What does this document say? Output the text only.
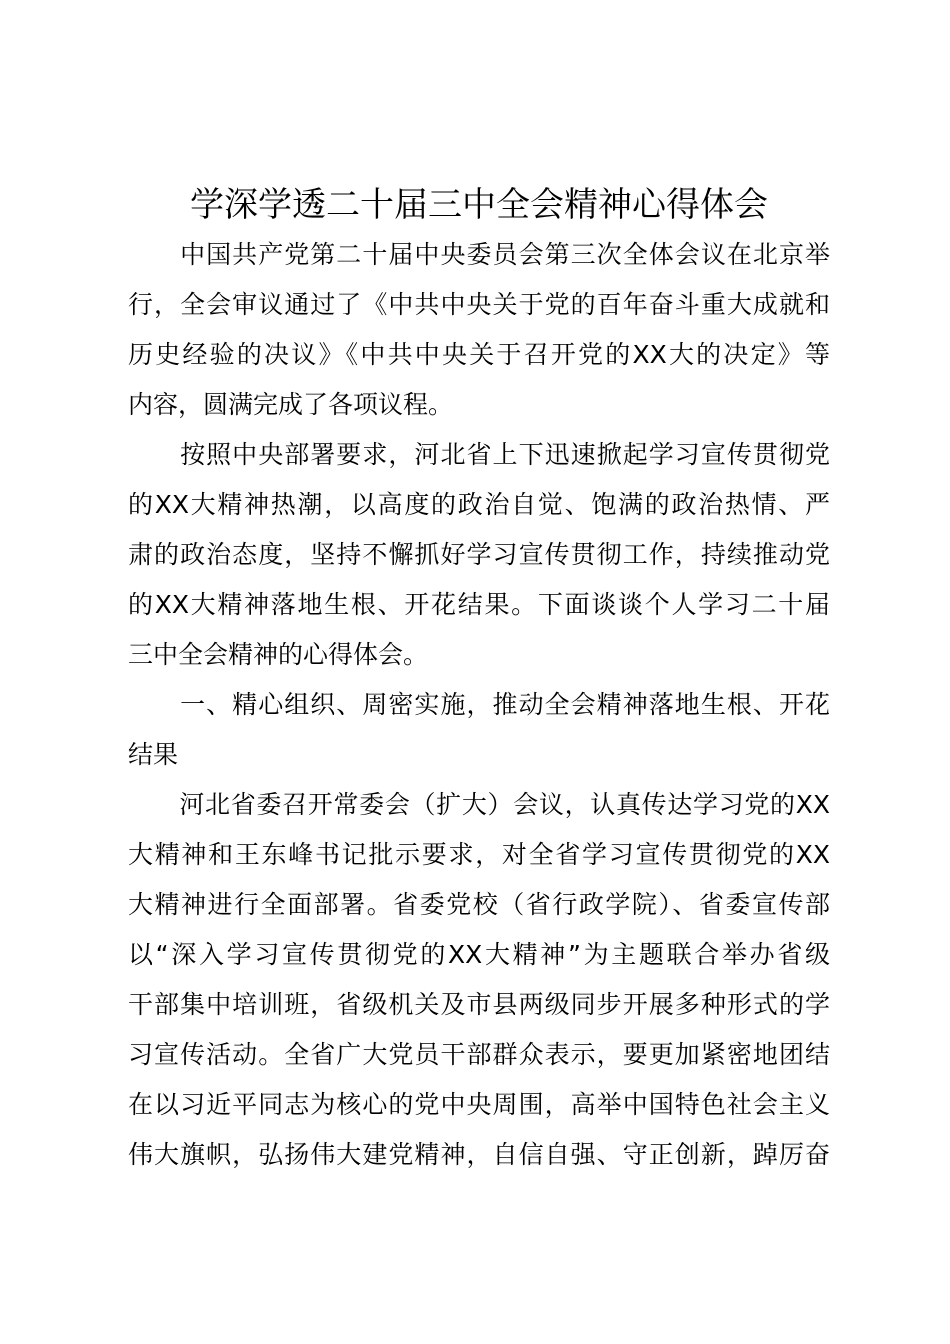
学深学透二十届三中全会精神心得体会

　　中国共产党第二十届中央委员会第三次全体会议在北京举

行，全会审议通过了《中共中央关于党的百年奋斗重大成就和

历史经验的决议》《中共中央关于召开党的XX大的决定》等

内容，圆满完成了各项议程。

　　按照中央部署要求，河北省上下迅速掀起学习宣传贯彻党

的XX大精神热潮，以高度的政治自觉、饱满的政治热情、严

肃的政治态度，坚持不懈抓好学习宣传贯彻工作，持续推动党

的XX大精神落地生根、开花结果。下面谈谈个人学习二十届

三中全会精神的心得体会。

　　一、精心组织、周密实施，推动全会精神落地生根、开花

结果

　　河北省委召开常委会（扩大）会议，认真传达学习党的XX

大精神和王东峰书记批示要求，对全省学习宣传贯彻党的XX

大精神进行全面部署。省委党校（省行政学院）、省委宣传部

以“深入学习宣传贯彻党的XX大精神”为主题联合举办省级

干部集中培训班，省级机关及市县两级同步开展多种形式的学

习宣传活动。全省广大党员干部群众表示，要更加紧密地团结

在以习近平同志为核心的党中央周围，高举中国特色社会主义

伟大旗帜，弘扬伟大建党精神，自信自强、守正创新，踔厉奋
